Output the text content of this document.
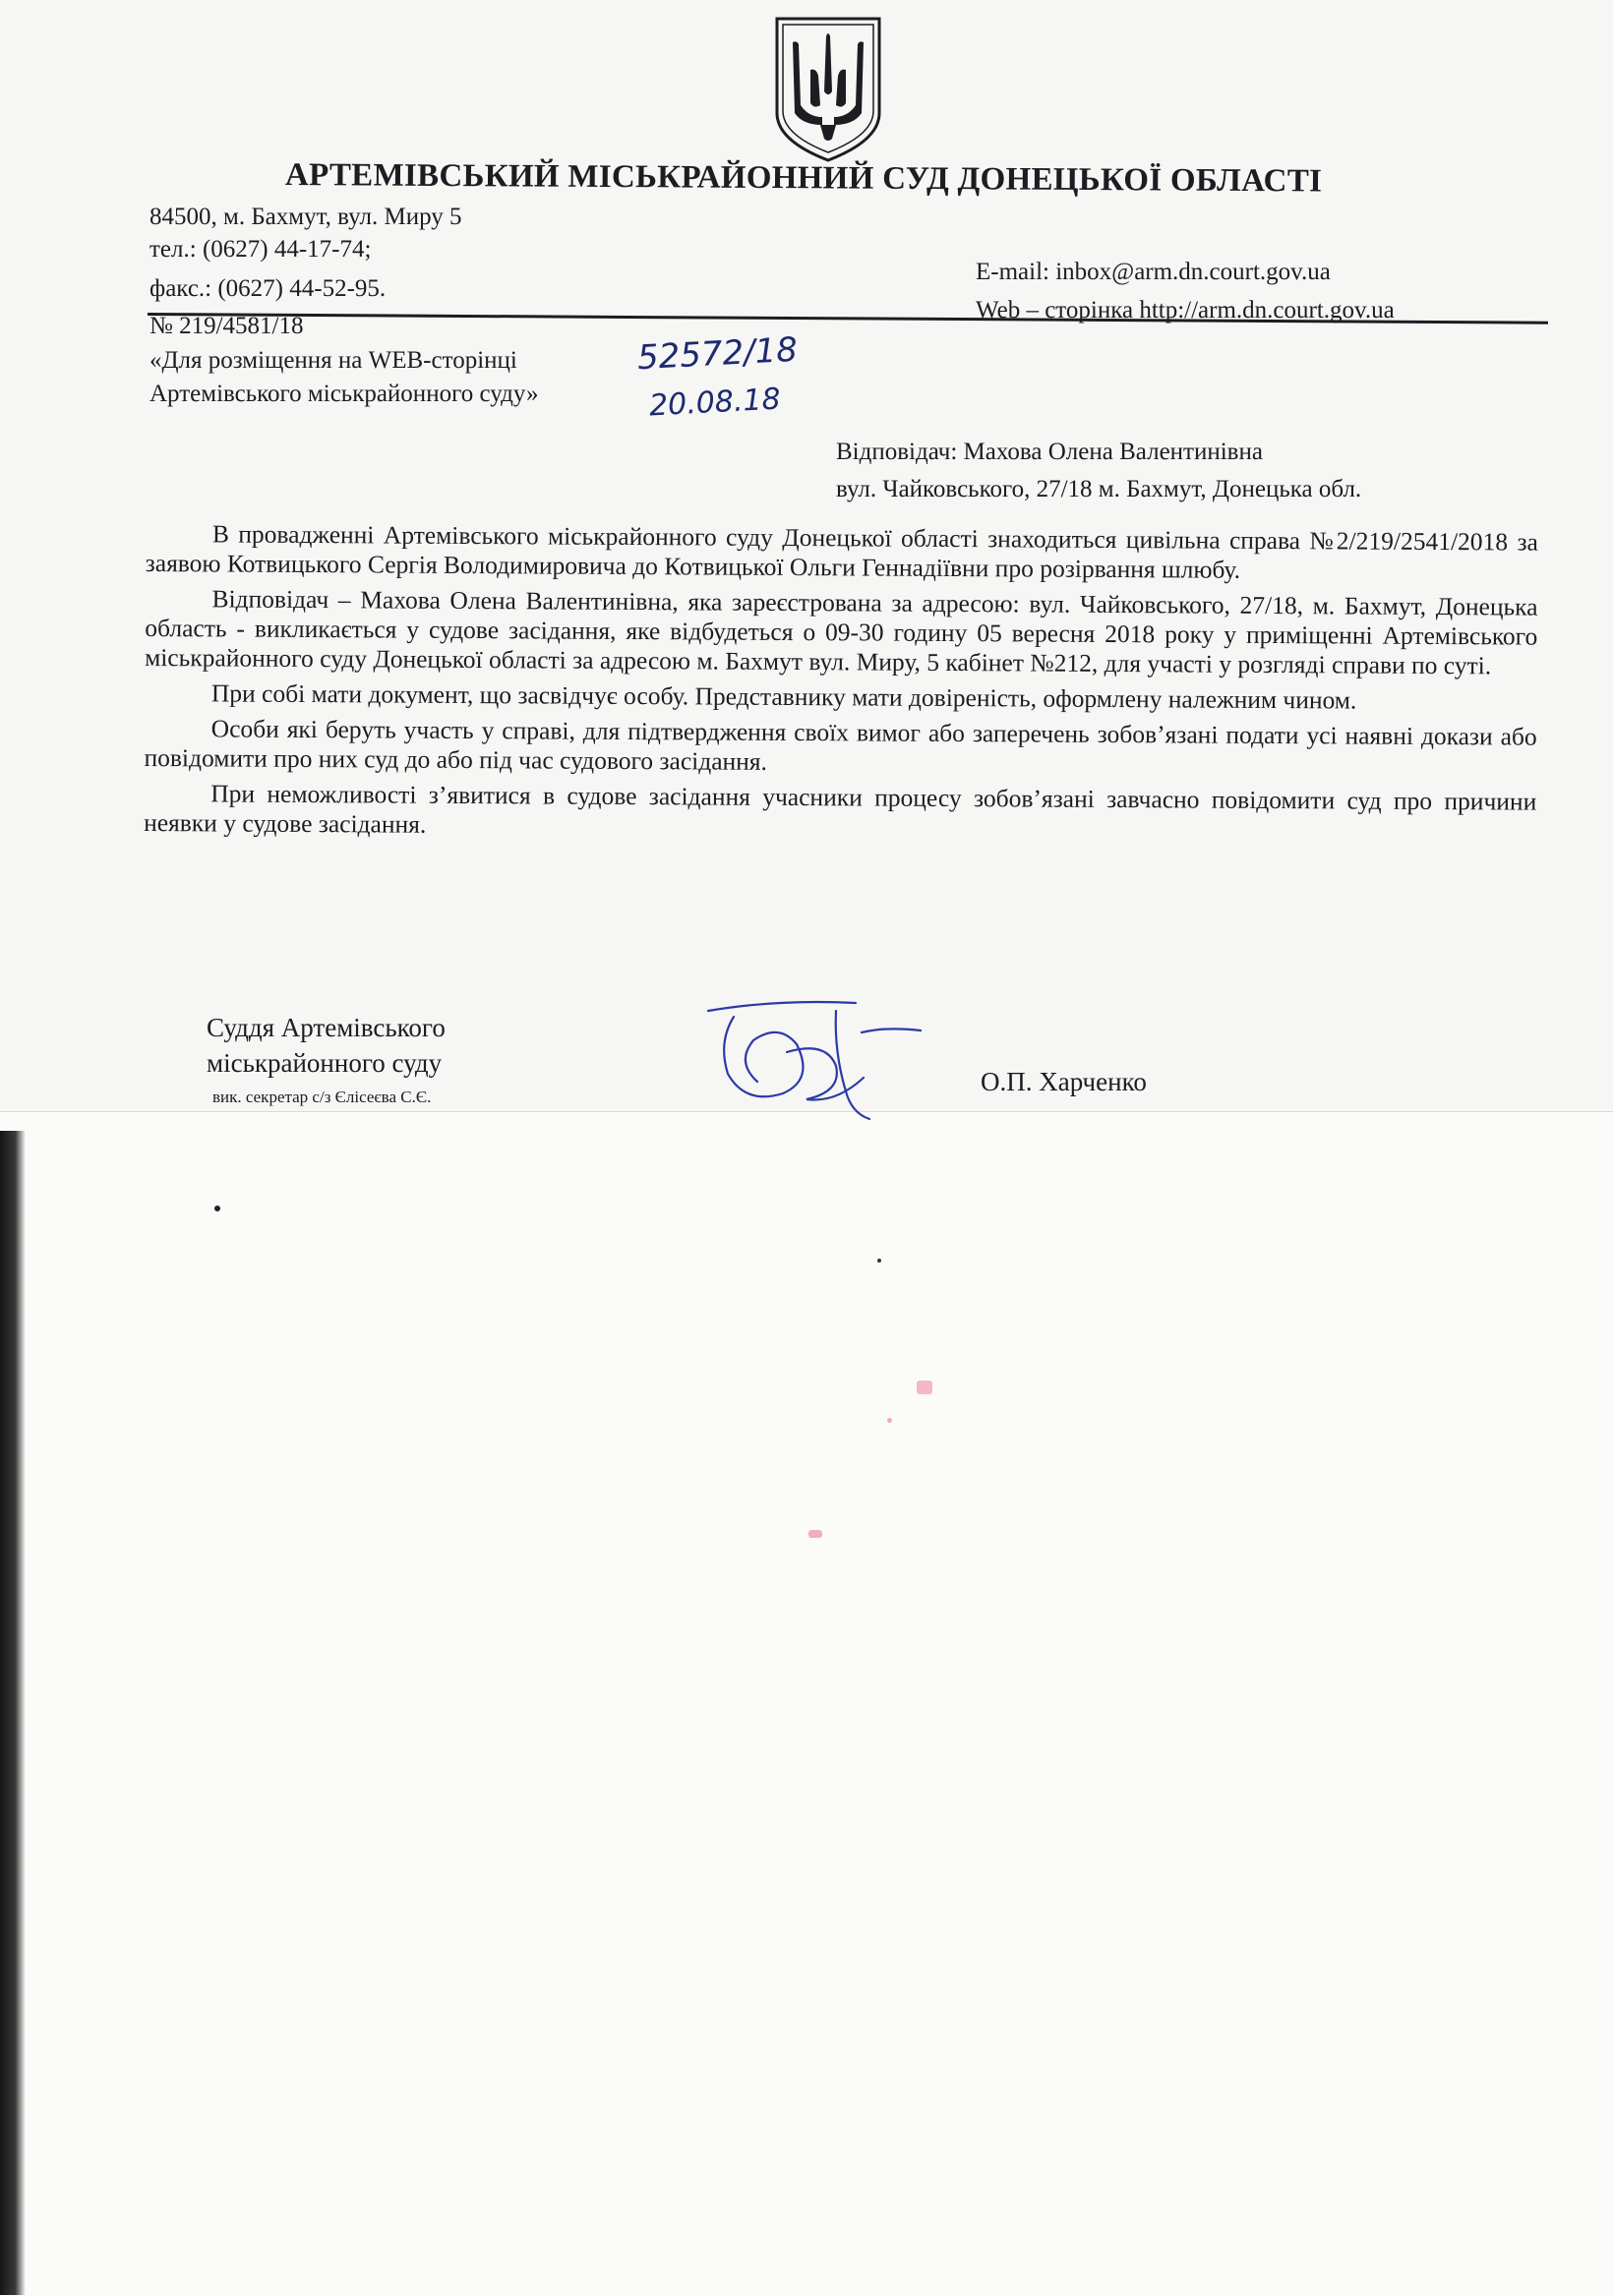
АРТЕМІВСЬКИЙ МІСЬКРАЙОННИЙ СУД ДОНЕЦЬКОЇ ОБЛАСТІ
84500, м. Бахмут, вул. Миру 5
тел.: (0627) 44-17-74;
факс.: (0627) 44-52-95.
E-mail: inbox@arm.dn.court.gov.ua
Web – сторінка http://arm.dn.court.gov.ua
№ 219/4581/18
«Для розміщення на WEB-сторінці
Артемівського міськрайонного суду»
52572/18
20.08.18
Відповідач: Махова Олена Валентинівна
вул. Чайковського, 27/18 м. Бахмут, Донецька обл.

В провадженні Артемівського міськрайонного суду Донецької області знаходиться цивільна справа №2/219/2541/2018 за заявою Котвицького Сергія Володимировича до Котвицької Ольги Геннадіївни про розірвання шлюбу.

Відповідач – Махова Олена Валентинівна, яка зареєстрована за адресою: вул. Чайковського, 27/18, м. Бахмут, Донецька область - викликається у судове засідання, яке відбудеться о 09-30 годину 05 вересня 2018 року у приміщенні Артемівського міськрайонного суду Донецької області за адресою м. Бахмут вул. Миру, 5 кабінет №212, для участі у розгляді справи по суті.

При собі мати документ, що засвідчує особу. Представнику мати довіреність, оформлену належним чином.

Особи які беруть участь у справі, для підтвердження своїх вимог або заперечень зобов’язані подати усі наявні докази або повідомити про них суд до або під час судового засідання.

При неможливості з’явитися в судове засідання учасники процесу зобов’язані завчасно повідомити суд про причини неявки у судове засідання.

Суддя Артемівського
міськрайонного суду
вик. секретар с/з Єлісеєва С.Є.
О.П. Харченко
